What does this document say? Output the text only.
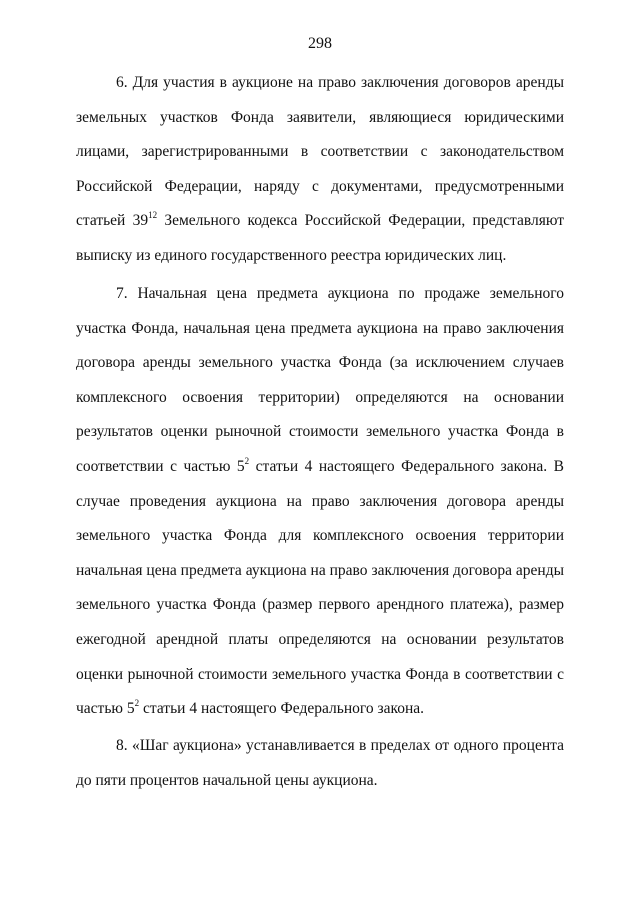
298

6. Для участия в аукционе на право заключения договоров аренды земельных участков Фонда заявители, являющиеся юридическими лицами, зарегистрированными в соответствии с законодательством Российской Федерации, наряду с документами, предусмотренными статьей $39^{12}$ Земельного кодекса Российской Федерации, представляют выписку из единого государственного реестра юридических лиц.

7. Начальная цена предмета аукциона по продаже земельного участка Фонда, начальная цена предмета аукциона на право заключения договора аренды земельного участка Фонда (за исключением случаев комплексного освоения территории) определяются на основании результатов оценки рыночной стоимости земельного участка Фонда в соответствии с частью $5^2$ статьи 4 настоящего Федерального закона. В случае проведения аукциона на право заключения договора аренды земельного участка Фонда для комплексного освоения территории начальная цена предмета аукциона на право заключения договора аренды земельного участка Фонда (размер первого арендного платежа), размер ежегодной арендной платы определяются на основании результатов оценки рыночной стоимости земельного участка Фонда в соответствии с частью $5^2$ статьи 4 настоящего Федерального закона.

8. «Шаг аукциона» устанавливается в пределах от одного процента до пяти процентов начальной цены аукциона.
